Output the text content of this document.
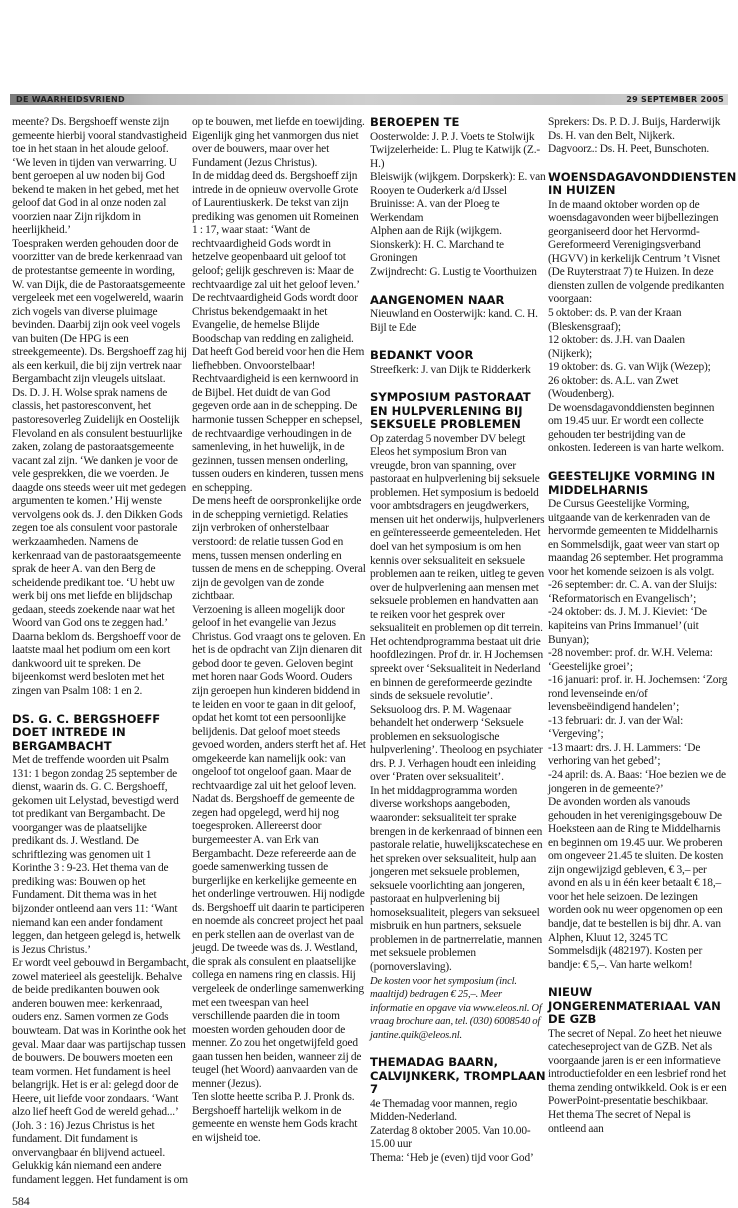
DE WAARHEIDSVRIEND	29 SEPTEMBER 2005

meente? Ds. Bergshoeff wenste zijn gemeente hierbij vooral standvastigheid toe in het staan in het aloude geloof. ‘We leven in tijden van verwarring. U bent geroepen al uw noden bij God bekend te maken in het gebed, met het geloof dat God in al onze noden zal voorzien naar Zijn rijkdom in heerlijkheid.’

Toespraken werden gehouden door de voorzitter van de brede kerkenraad van de protestantse gemeente in wording, W. van Dijk, die de Pastoraatsgemeente vergeleek met een vogelwereld, waarin zich vogels van diverse pluimage bevinden. Daarbij zijn ook veel vogels van buiten (De HPG is een streekgemeente). Ds. Bergshoeff zag hij als een kerkuil, die bij zijn vertrek naar Bergambacht zijn vleugels uitslaat.

Ds. D. J. H. Wolse sprak namens de classis, het pastoresconvent, het pastoresoverleg Zuidelijk en Oostelijk Flevoland en als consulent bestuurlijke zaken, zolang de pastoraatsgemeente vacant zal zijn. ‘We danken je voor de vele gesprekken, die we voerden. Je daagde ons steeds weer uit met gedegen argumenten te komen.’ Hij wenste vervolgens ook ds. J. den Dikken Gods zegen toe als consulent voor pastorale werkzaamheden. Namens de kerkenraad van de pastoraatsgemeente sprak de heer A. van den Berg de scheidende predikant toe. ‘U hebt uw werk bij ons met liefde en blijdschap gedaan, steeds zoekende naar wat het Woord van God ons te zeggen had.’

Daarna beklom ds. Bergshoeff voor de laatste maal het podium om een kort dankwoord uit te spreken. De bijeenkomst werd besloten met het zingen van Psalm 108: 1 en 2.

DS. G. C. BERGSHOEFF DOET INTREDE IN BERGAMBACHT

Met de treffende woorden uit Psalm 131: 1 begon zondag 25 september de dienst, waarin ds. G. C. Bergshoeff, gekomen uit Lelystad, bevestigd werd tot predikant van Bergambacht. De voorganger was de plaatselijke predikant ds. J. Westland. De schriftlezing was genomen uit 1 Korinthe 3 : 9-23. Het thema van de prediking was: Bouwen op het Fundament. Dit thema was in het bijzonder ontleend aan vers 11: ‘Want niemand kan een ander fondament leggen, dan hetgeen gelegd is, hetwelk is Jezus Christus.’

Er wordt veel gebouwd in Bergambacht, zowel materieel als geestelijk. Behalve de beide predikanten bouwen ook anderen bouwen mee: kerkenraad, ouders enz. Samen vormen ze Gods bouwteam. Dat was in Korinthe ook het geval. Maar daar was partijschap tussen de bouwers. De bouwers moeten een team vormen. Het fundament is heel belangrijk. Het is er al: gelegd door de Heere, uit liefde voor zondaars. ‘Want alzo lief heeft God de wereld gehad...’ (Joh. 3 : 16) Jezus Christus is het fundament. Dit fundament is onvervangbaar én blijvend actueel. Gelukkig kán niemand een andere fundament leggen. Het fundament is om

584

op te bouwen, met liefde en toewijding. Eigenlijk ging het vanmorgen dus niet over de bouwers, maar over het Fundament (Jezus Christus).

In de middag deed ds. Bergshoeff zijn intrede in de opnieuw overvolle Grote of Laurentiuskerk. De tekst van zijn prediking was genomen uit Romeinen 1 : 17, waar staat: ‘Want de rechtvaardigheid Gods wordt in hetzelve geopenbaard uit geloof tot geloof; gelijk geschreven is: Maar de rechtvaardige zal uit het geloof leven.’ De rechtvaardigheid Gods wordt door Christus bekendgemaakt in het Evangelie, de hemelse Blijde Boodschap van redding en zaligheid. Dat heeft God bereid voor hen die Hem liefhebben. Onvoorstelbaar!

Rechtvaardigheid is een kernwoord in de Bijbel. Het duidt de van God gegeven orde aan in de schepping. De harmonie tussen Schepper en schepsel, de rechtvaardige verhoudingen in de samenleving, in het huwelijk, in de gezinnen, tussen mensen onderling, tussen ouders en kinderen, tussen mens en schepping.

De mens heeft de oorspronkelijke orde in de schepping vernietigd. Relaties zijn verbroken of onherstelbaar verstoord: de relatie tussen God en mens, tussen mensen onderling en tussen de mens en de schepping. Overal zijn de gevolgen van de zonde zichtbaar.

Verzoening is alleen mogelijk door geloof in het evangelie van Jezus Christus. God vraagt ons te geloven. En het is de opdracht van Zijn dienaren dit gebod door te geven. Geloven begint met horen naar Gods Woord. Ouders zijn geroepen hun kinderen biddend in te leiden en voor te gaan in dit geloof, opdat het komt tot een persoonlijke belijdenis. Dat geloof moet steeds gevoed worden, anders sterft het af. Het omgekeerde kan namelijk ook: van ongeloof tot ongeloof gaan. Maar de rechtvaardige zal uit het geloof leven.

Nadat ds. Bergshoeff de gemeente de zegen had opgelegd, werd hij nog toegesproken. Allereerst door burgemeester A. van Erk van Bergambacht. Deze refereerde aan de goede samenwerking tussen de burgerlijke en kerkelijke gemeente en het onderlinge vertrouwen. Hij nodigde ds. Bergshoeff uit daarin te participeren en noemde als concreet project het paal en perk stellen aan de overlast van de jeugd. De tweede was ds. J. Westland, die sprak als consulent en plaatselijke collega en namens ring en classis. Hij vergeleek de onderlinge samenwerking met een tweespan van heel verschillende paarden die in toom moesten worden gehouden door de menner. Zo zou het ongetwijfeld goed gaan tussen hen beiden, wanneer zij de teugel (het Woord) aanvaarden van de menner (Jezus).

Ten slotte heette scriba P. J. Pronk ds. Bergshoeff hartelijk welkom in de gemeente en wenste hem Gods kracht en wijsheid toe.

BEROEPEN TE

Oosterwolde: J. P. J. Voets te Stolwijk

Twijzelerheide: L. Plug te Katwijk (Z.-H.)

Bleiswijk (wijkgem. Dorpskerk): E. van Rooyen te Ouderkerk a/d IJssel

Bruinisse: A. van der Ploeg te Werkendam

Alphen aan de Rijk (wijkgem. Sionskerk): H. C. Marchand te Groningen

Zwijndrecht: G. Lustig te Voorthuizen

AANGENOMEN NAAR

Nieuwland en Oosterwijk: kand. C. H. Bijl te Ede

BEDANKT VOOR

Streefkerk: J. van Dijk te Ridderkerk

SYMPOSIUM PASTORAAT EN HULPVERLENING BIJ SEKSUELE PROBLEMEN

Op zaterdag 5 november DV belegt Eleos het symposium Bron van vreugde, bron van spanning, over pastoraat en hulpverlening bij seksuele problemen. Het symposium is bedoeld voor ambtsdragers en jeugdwerkers, mensen uit het onderwijs, hulpverleners en geïnteresseerde gemeenteleden. Het doel van het symposium is om hen kennis over seksualiteit en seksuele problemen aan te reiken, uitleg te geven over de hulpverlening aan mensen met seksuele problemen en handvatten aan te reiken voor het gesprek over seksualiteit en problemen op dit terrein.

Het ochtendprogramma bestaat uit drie hoofdlezingen. Prof dr. ir. H Jochemsen spreekt over ‘Seksualiteit in Nederland en binnen de gereformeerde gezindte sinds de seksuele revolutie’. Seksuoloog drs. P. M. Wagenaar behandelt het onderwerp ‘Seksuele problemen en seksuologische hulpverlening’. Theoloog en psychiater drs. P. J. Verhagen houdt een inleiding over ‘Praten over seksualiteit’.

In het middagprogramma worden diverse workshops aangeboden, waaronder: seksualiteit ter sprake brengen in de kerkenraad of binnen een pastorale relatie, huwelijkscatechese en het spreken over seksualiteit, hulp aan jongeren met seksuele problemen, seksuele voorlichting aan jongeren, pastoraat en hulpverlening bij homoseksualiteit, plegers van seksueel misbruik en hun partners, seksuele problemen in de partnerrelatie, mannen met seksuele problemen (pornoverslaving).

De kosten voor het symposium (incl. maaltijd) bedragen € 25,–. Meer informatie en opgave via www.eleos.nl. Of vraag brochure aan, tel. (030) 6008540 of jantine.quik@eleos.nl.

THEMADAG BAARN, CALVIJNKERK, TROMPLAAN 7

4e Themadag voor mannen, regio Midden-Nederland.

Zaterdag 8 oktober 2005. Van 10.00-15.00 uur

Thema: ‘Heb je (even) tijd voor God’

Sprekers: Ds. P. D. J. Buijs, Harderwijk

Ds. H. van den Belt, Nijkerk.

Dagvoorz.: Ds. H. Peet, Bunschoten.

WOENSDAGAVONDDIENSTEN IN HUIZEN

In de maand oktober worden op de woensdagavonden weer bijbellezingen georganiseerd door het Hervormd-Gereformeerd Verenigingsverband (HGVV) in kerkelijk Centrum ’t Visnet (De Ruyterstraat 7) te Huizen. In deze diensten zullen de volgende predikanten voorgaan:

5 oktober: ds. P. van der Kraan (Bleskensgraaf);

12 oktober: ds. J.H. van Daalen (Nijkerk);

19 oktober: ds. G. van Wijk (Wezep);

26 oktober: ds. A.L. van Zwet (Woudenberg).

De woensdagavonddiensten beginnen om 19.45 uur. Er wordt een collecte gehouden ter bestrijding van de onkosten. Iedereen is van harte welkom.

GEESTELIJKE VORMING IN MIDDELHARNIS

De Cursus Geestelijke Vorming, uitgaande van de kerkenraden van de hervormde gemeenten te Middelharnis en Sommelsdijk, gaat weer van start op maandag 26 september. Het programma voor het komende seizoen is als volgt.

-26 september: dr. C. A. van der Sluijs: ‘Reformatorisch en Evangelisch’;

-24 oktober: ds. J. M. J. Kieviet: ‘De kapiteins van Prins Immanuel’ (uit Bunyan);

-28 november: prof. dr. W.H. Velema: ‘Geestelijke groei’;

-16 januari: prof. ir. H. Jochemsen: ‘Zorg rond levenseinde en/of levensbeëindigend handelen’;

-13 februari: dr. J. van der Wal: ‘Vergeving’;

-13 maart: drs. J. H. Lammers: ‘De verhoring van het gebed’;

-24 april: ds. A. Baas: ‘Hoe bezien we de jongeren in de gemeente?’

De avonden worden als vanouds gehouden in het verenigingsgebouw De Hoeksteen aan de Ring te Middelharnis en beginnen om 19.45 uur. We proberen om ongeveer 21.45 te sluiten. De kosten zijn ongewijzigd gebleven, € 3,– per avond en als u in één keer betaalt € 18,– voor het hele seizoen. De lezingen worden ook nu weer opgenomen op een bandje, dat te bestellen is bij dhr. A. van Alphen, Kluut 12, 3245 TC Sommelsdijk (482197). Kosten per bandje: € 5,–. Van harte welkom!

NIEUW JONGERENMATERIAAL VAN DE GZB

The secret of Nepal. Zo heet het nieuwe catecheseproject van de GZB. Net als voorgaande jaren is er een informatieve introductiefolder en een lesbrief rond het thema zending ontwikkeld. Ook is er een PowerPoint-presentatie beschikbaar.

Het thema The secret of Nepal is ontleend aan
